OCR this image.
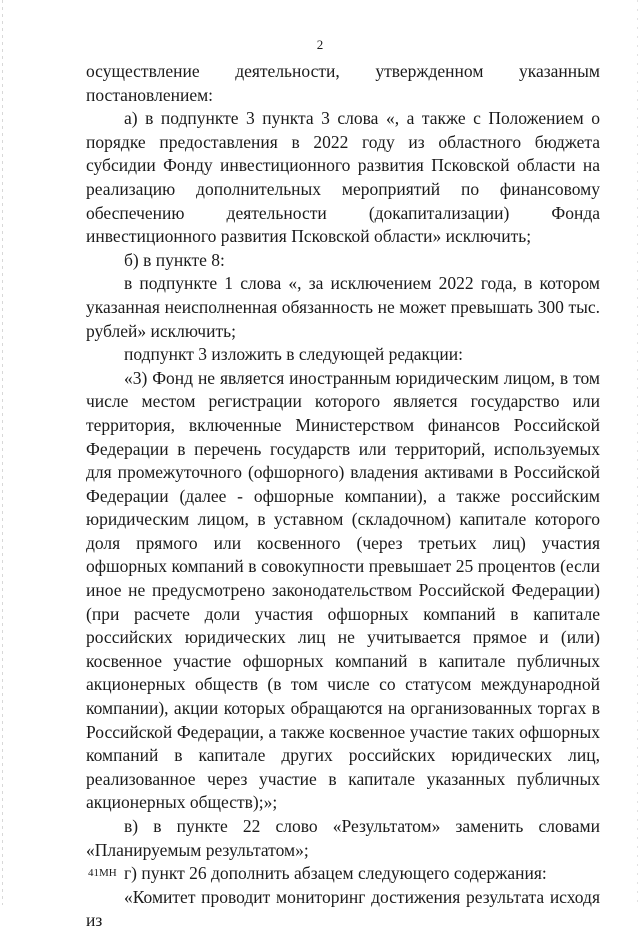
2

осуществление деятельности, утвержденном указанным постановлением:

а) в подпункте 3 пункта 3 слова «, а также с Положением о порядке предоставления в 2022 году из областного бюджета субсидии Фонду инвестиционного развития Псковской области на реализацию дополнительных мероприятий по финансовому обеспечению деятельности (докапитализации) Фонда инвестиционного развития Псковской области» исключить;

б) в пункте 8:

в подпункте 1 слова «, за исключением 2022 года, в котором указанная неисполненная обязанность не может превышать 300 тыс. рублей» исключить;

подпункт 3 изложить в следующей редакции:

«3) Фонд не является иностранным юридическим лицом, в том числе местом регистрации которого является государство или территория, включенные Министерством финансов Российской Федерации в перечень государств или территорий, используемых для промежуточного (офшорного) владения активами в Российской Федерации (далее - офшорные компании), а также российским юридическим лицом, в уставном (складочном) капитале которого доля прямого или косвенного (через третьих лиц) участия офшорных компаний в совокупности превышает 25 процентов (если иное не предусмотрено законодательством Российской Федерации) (при расчете доли участия офшорных компаний в капитале российских юридических лиц не учитывается прямое и (или) косвенное участие офшорных компаний в капитале публичных акционерных обществ (в том числе со статусом международной компании), акции которых обращаются на организованных торгах в Российской Федерации, а также косвенное участие таких офшорных компаний в капитале других российских юридических лиц, реализованное через участие в капитале указанных публичных акционерных обществ);»;

в) в пункте 22 слово «Результатом» заменить словами «Планируемым результатом»;

г) пункт 26 дополнить абзацем следующего содержания:

«Комитет проводит мониторинг достижения результата исходя из

41МН
